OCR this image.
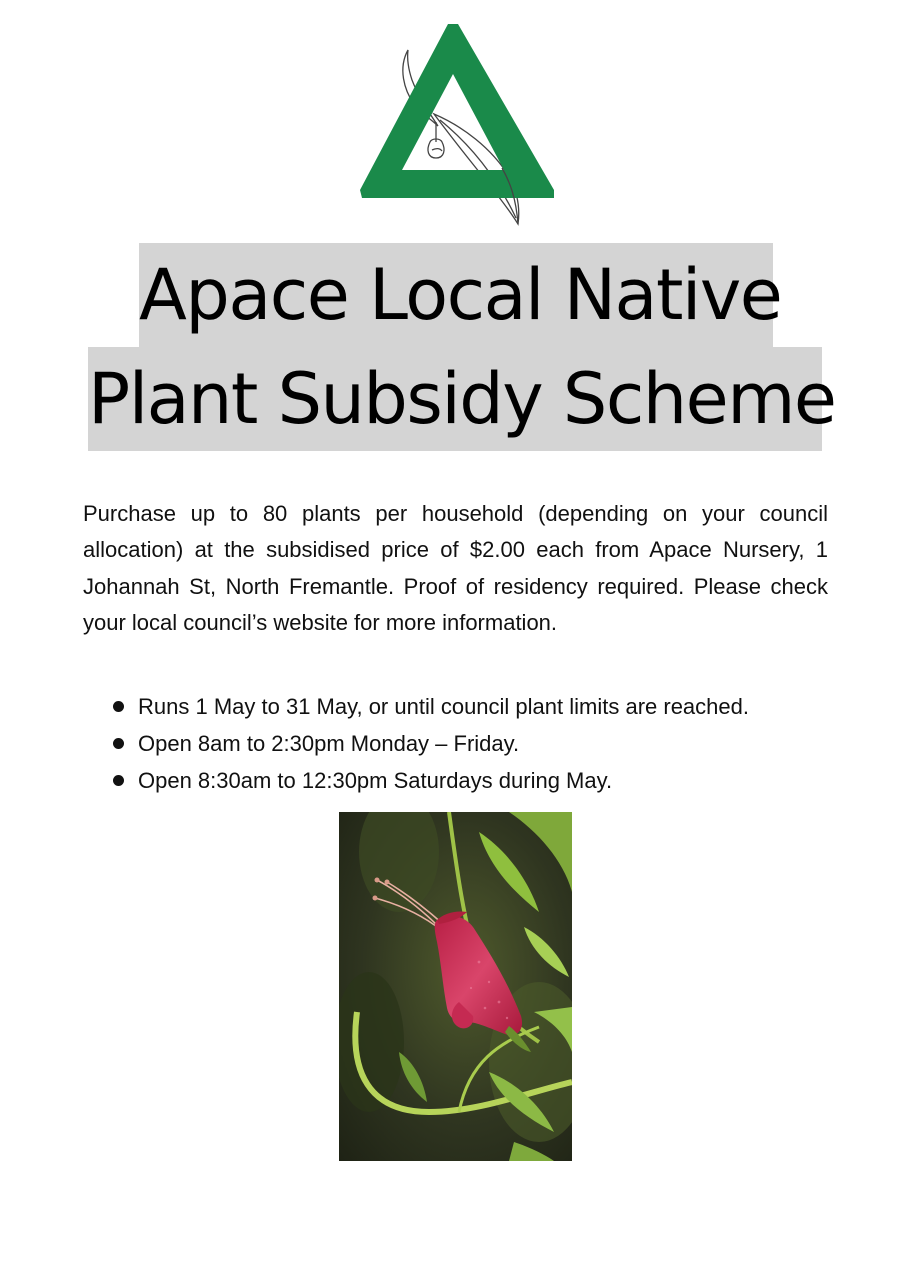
Apace Local Native
Plant Subsidy Scheme

Purchase up to 80 plants per household (depending on your council allocation) at the subsidised price of $2.00 each from Apace Nursery, 1 Johannah St, North Fremantle. Proof of residency required. Please check your local council’s website for more information.

Runs 1 May to 31 May, or until council plant limits are reached.
Open 8am to 2:30pm Monday – Friday.
Open 8:30am to 12:30pm Saturdays during May.
